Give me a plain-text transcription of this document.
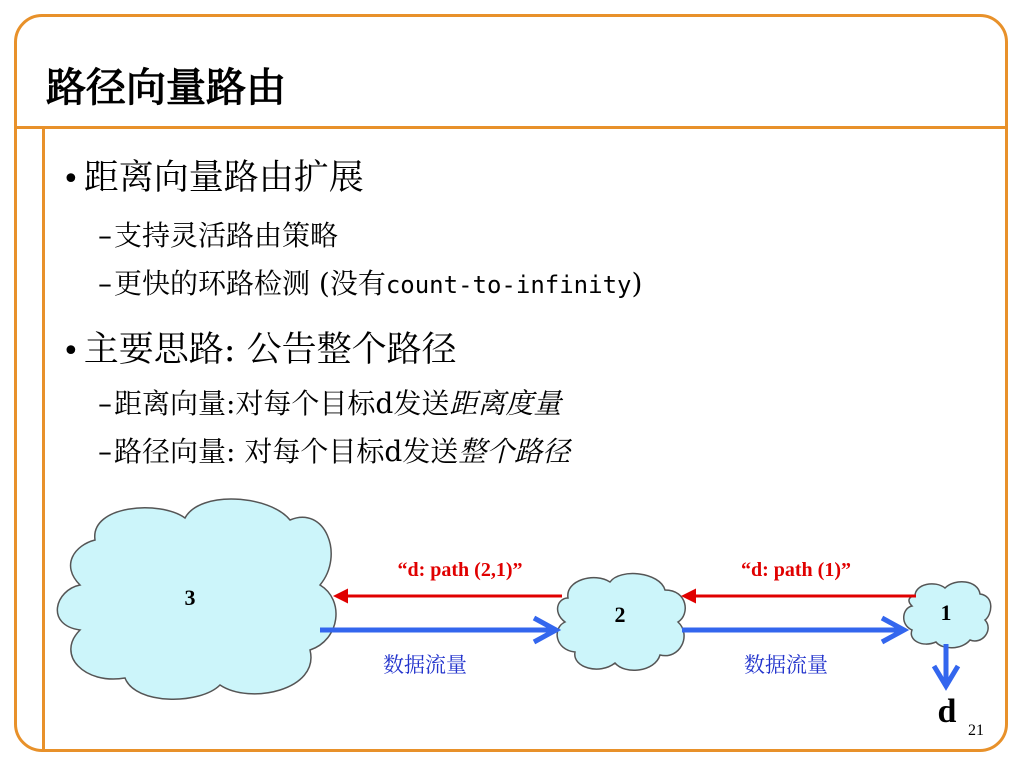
路径向量路由
• 距离向量路由扩展
–支持灵活路由策略
–更快的环路检测 (没有count-to-infinity)
• 主要思路: 公告整个路径
–距离向量:对每个目标d发送距离度量
–路径向量: 对每个目标d发送整个路径
3
2	1
“d: path (2,1)”	“d: path (1)”
数据流量	数据流量
d
21
